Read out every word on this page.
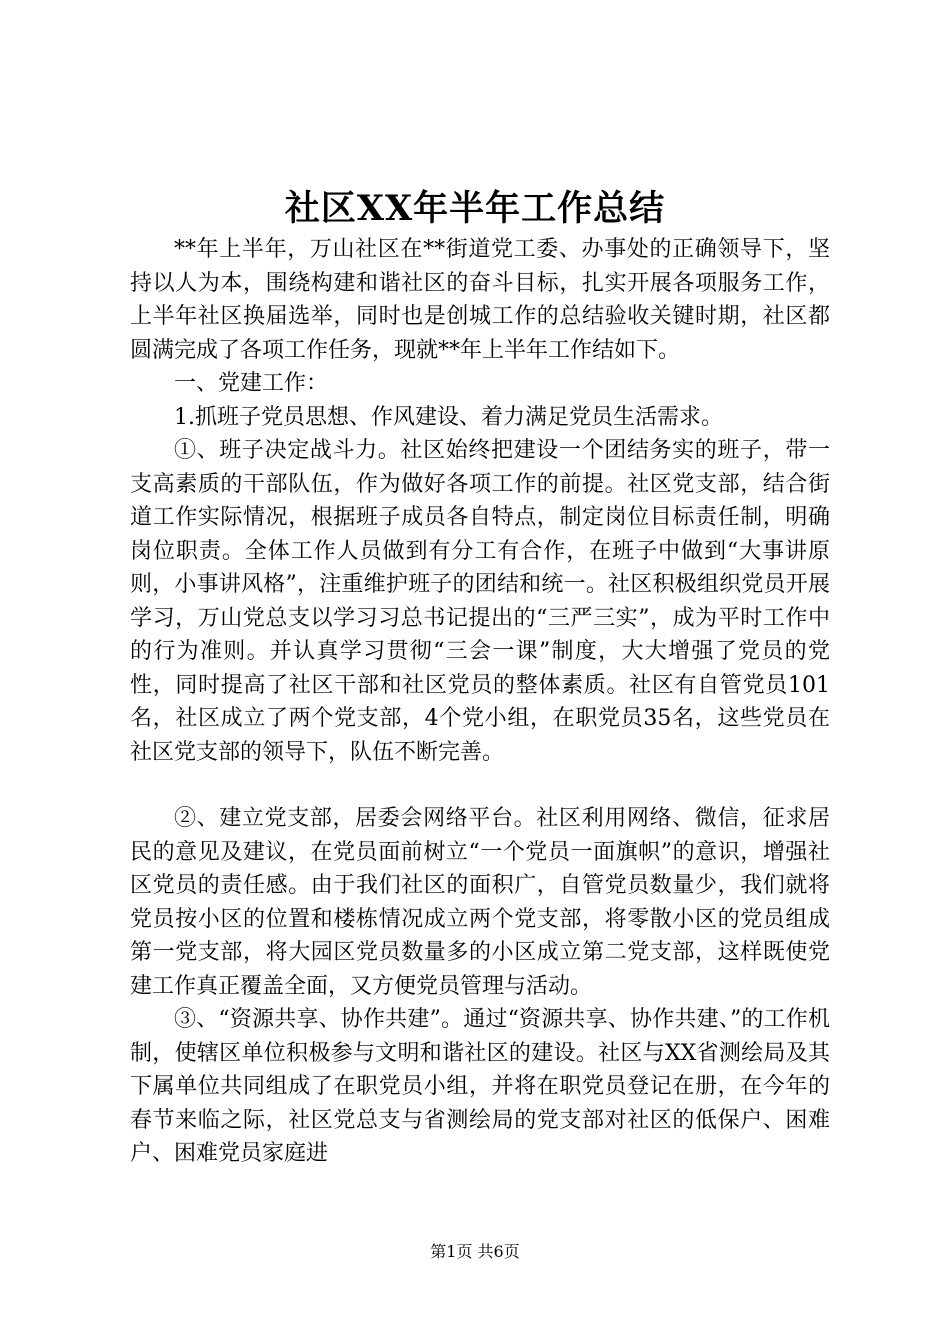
社区XX年半年工作总结

**年上半年，万山社区在**街道党工委、办事处的正确领导下，坚持以人为本，围绕构建和谐社区的奋斗目标，扎实开展各项服务工作，上半年社区换届选举，同时也是创城工作的总结验收关键时期，社区都圆满完成了各项工作任务，现就**年上半年工作结如下。

一、党建工作：

1.抓班子党员思想、作风建设、着力满足党员生活需求。

①、班子决定战斗力。社区始终把建设一个团结务实的班子，带一支高素质的干部队伍，作为做好各项工作的前提。社区党支部，结合街道工作实际情况，根据班子成员各自特点，制定岗位目标责任制，明确岗位职责。全体工作人员做到有分工有合作，在班子中做到“大事讲原则，小事讲风格”，注重维护班子的团结和统一。社区积极组织党员开展学习，万山党总支以学习习总书记提出的“三严三实”，成为平时工作中的行为准则。并认真学习贯彻“三会一课”制度，大大增强了党员的党性，同时提高了社区干部和社区党员的整体素质。社区有自管党员101名，社区成立了两个党支部，4个党小组，在职党员35名，这些党员在社区党支部的领导下，队伍不断完善。

②、建立党支部，居委会网络平台。社区利用网络、微信，征求居民的意见及建议，在党员面前树立“一个党员一面旗帜”的意识，增强社区党员的责任感。由于我们社区的面积广，自管党员数量少，我们就将党员按小区的位置和楼栋情况成立两个党支部，将零散小区的党员组成第一党支部，将大园区党员数量多的小区成立第二党支部，这样既使党建工作真正覆盖全面，又方便党员管理与活动。

③、“资源共享、协作共建”。通过“资源共享、协作共建、”的工作机制，使辖区单位积极参与文明和谐社区的建设。社区与XX省测绘局及其下属单位共同组成了在职党员小组，并将在职党员登记在册，在今年的春节来临之际，社区党总支与省测绘局的党支部对社区的低保户、困难户、困难党员家庭进

第1页 共6页
